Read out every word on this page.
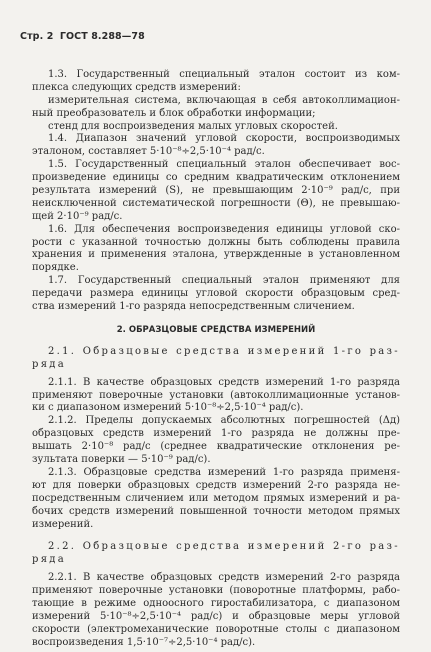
Стр. 2 ГОСТ 8.288—78
1.3. Государственный специальный эталон состоит из ком-
плекса следующих средств измерений:
измерительная система, включающая в себя автоколлимацион-
ный преобразователь и блок обработки информации;
стенд для воспроизведения малых угловых скоростей.
1.4. Диапазон значений угловой скорости, воспроизводимых
эталоном, составляет 5·10⁻⁸÷2,5·10⁻⁴ рад/с.
1.5. Государственный специальный эталон обеспечивает вос-
произведение единицы со средним квадратическим отклонением
результата измерений (S), не превышающим 2·10⁻⁹ рад/с, при
неисключенной систематической погрешности (Θ), не превышаю-
щей 2·10⁻⁹ рад/с.
1.6. Для обеспечения воспроизведения единицы угловой ско-
рости с указанной точностью должны быть соблюдены правила
хранения и применения эталона, утвержденные в установленном
порядке.
1.7. Государственный специальный эталон применяют для
передачи размера единицы угловой скорости образцовым сред-
ства измерений 1-го разряда непосредственным сличением.
2. ОБРАЗЦОВЫЕ СРЕДСТВА ИЗМЕРЕНИЙ
2.1. Образцовые средства измерений 1-го раз-
ряда
2.1.1. В качестве образцовых средств измерений 1-го разряда
применяют поверочные установки (автоколлимационные установ-
ки с диапазоном измерений 5·10⁻⁸÷2,5·10⁻⁴ рад/с).
2.1.2. Пределы допускаемых абсолютных погрешностей (Δд)
образцовых средств измерений 1-го разряда не должны пре-
вышать 2·10⁻⁸ рад/с (среднее квадратические отклонения ре-
зультата поверки — 5·10⁻⁹ рад/с).
2.1.3. Образцовые средства измерений 1-го разряда применя-
ют для поверки образцовых средств измерений 2-го разряда не-
посредственным сличением или методом прямых измерений и ра-
бочих средств измерений повышенной точности методом прямых
измерений.
2.2. Образцовые средства измерений 2-го раз-
ряда
2.2.1. В качестве образцовых средств измерений 2-го разряда
применяют поверочные установки (поворотные платформы, рабо-
тающие в режиме одноосного гиростабилизатора, с диапазоном
измерений 5·10⁻⁸÷2,5·10⁻⁴ рад/с) и образцовые меры угловой
скорости (электромеханические поворотные столы с диапазоном
воспроизведения 1,5·10⁻⁷÷2,5·10⁻⁴ рад/с).
